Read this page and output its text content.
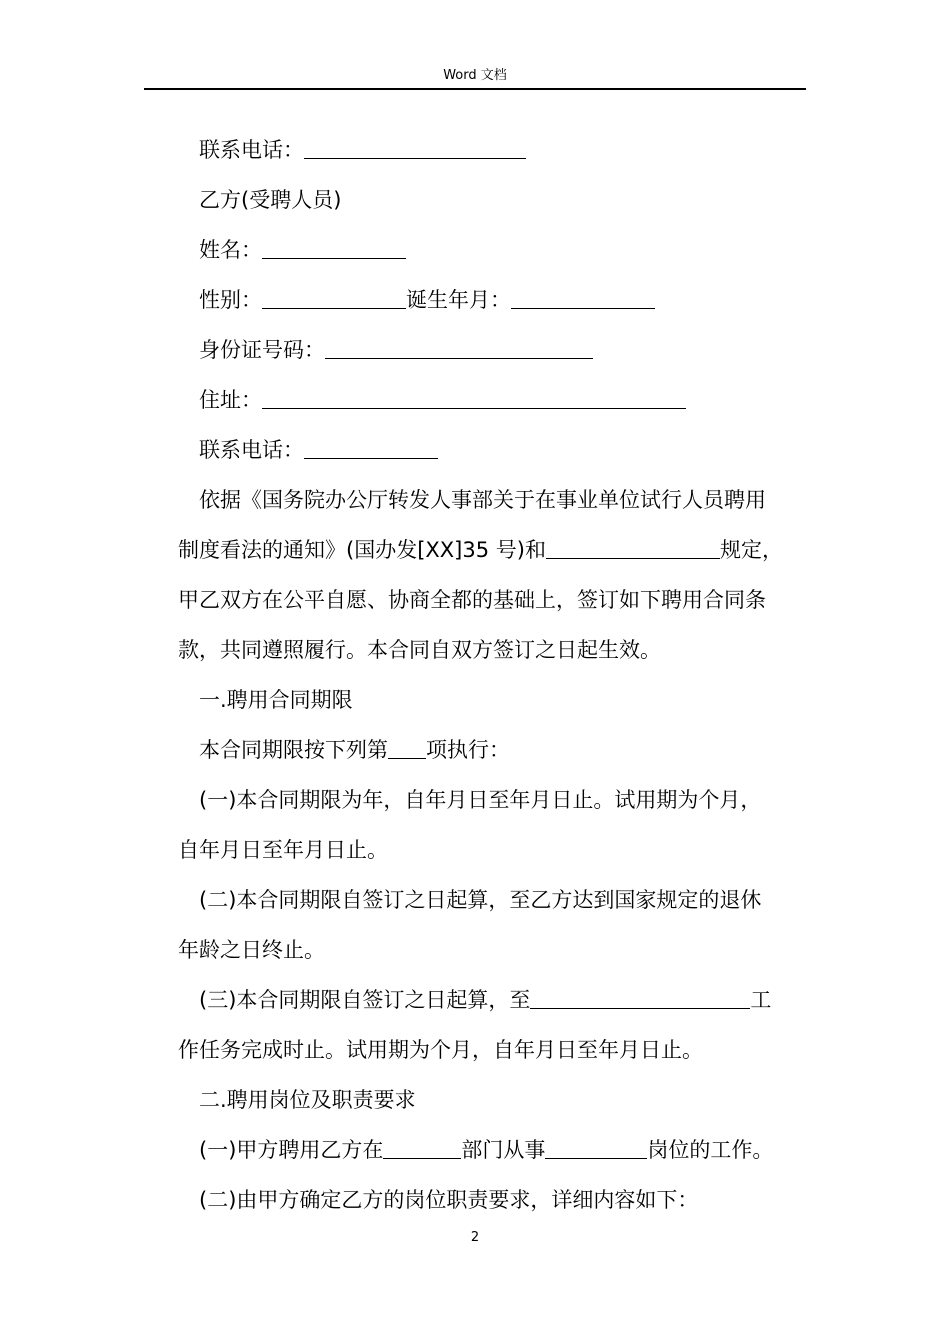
Word 文档
联系电话：
乙方(受聘人员)
姓名：
性别：	诞生年月：
身份证号码：
住址：
联系电话：
依据《国务院办公厅转发人事部关于在事业单位试行人员聘用
制度看法的通知》(国办发[XX]35 号)和	规定，
甲乙双方在公平自愿、协商全都的基础上，签订如下聘用合同条
款，共同遵照履行。本合同自双方签订之日起生效。
一.聘用合同期限
本合同期限按下列第 项执行：
(一)本合同期限为年，自年月日至年月日止。试用期为个月，
自年月日至年月日止。
(二)本合同期限自签订之日起算，至乙方达到国家规定的退休
年龄之日终止。
(三)本合同期限自签订之日起算，至	工
作任务完成时止。试用期为个月，自年月日至年月日止。
二.聘用岗位及职责要求
(一)甲方聘用乙方在	部门从事	岗位的工作。
(二)由甲方确定乙方的岗位职责要求，详细内容如下：
2
